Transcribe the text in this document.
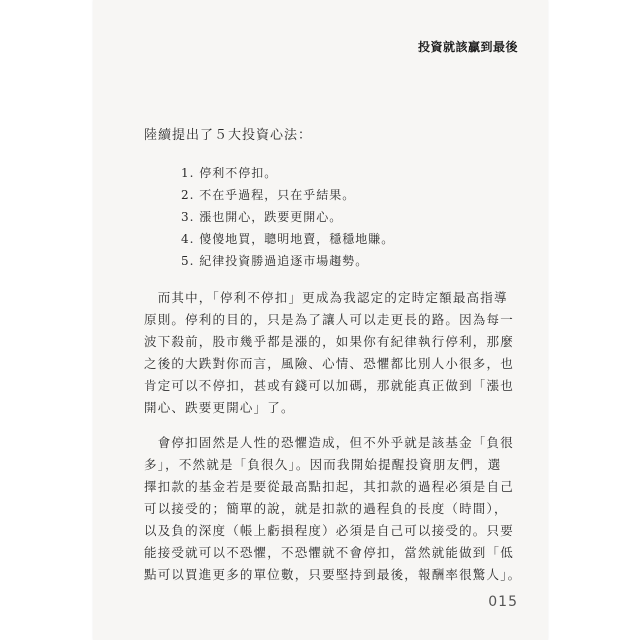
投資就該贏到最後
陸續提出了５大投資心法：
1. 停利不停扣。
2. 不在乎過程，只在乎結果。
3. 漲也開心，跌要更開心。
4. 傻傻地買，聰明地賣，穩穩地賺。
5. 紀律投資勝過追逐市場趨勢。

　而其中，「停利不停扣」更成為我認定的定時定額最高指導
原則。停利的目的，只是為了讓人可以走更長的路。因為每一
波下殺前，股市幾乎都是漲的，如果你有紀律執行停利，那麼
之後的大跌對你而言，風險、心情、恐懼都比別人小很多，也
肯定可以不停扣，甚或有錢可以加碼，那就能真正做到「漲也
開心、跌要更開心」了。

　會停扣固然是人性的恐懼造成，但不外乎就是該基金「負很
多」，不然就是「負很久」。因而我開始提醒投資朋友們，選
擇扣款的基金若是要從最高點扣起，其扣款的過程必須是自己
可以接受的；簡單的說，就是扣款的過程負的長度（時間），
以及負的深度（帳上虧損程度）必須是自己可以接受的。只要
能接受就可以不恐懼，不恐懼就不會停扣，當然就能做到「低
點可以買進更多的單位數，只要堅持到最後，報酬率很驚人」。

015
